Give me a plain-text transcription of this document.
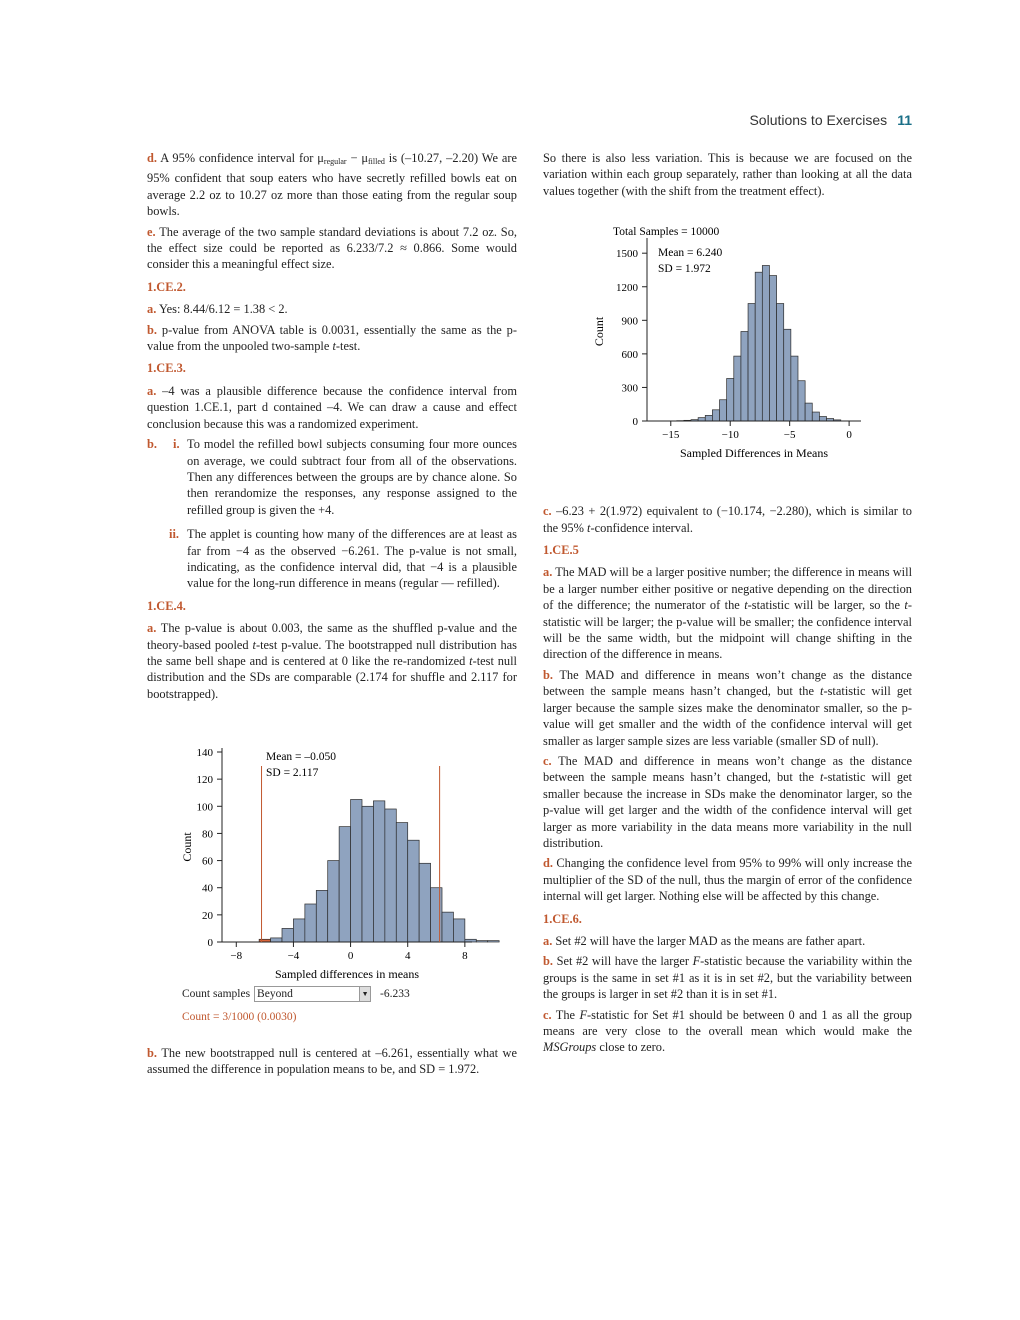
Solutions to Exercises 11

d. A 95% confidence interval for $\mu_{regular} - \mu_{filled}$ is (–10.27, –2.20) We are 95% confident that soup eaters who have secretly refilled bowls eat on average 2.2 oz to 10.27 oz more than those eating from the regular soup bowls.

e. The average of the two sample standard deviations is about 7.2 oz. So, the effect size could be reported as 6.233/7.2 ≈ 0.866. Some would consider this a meaningful effect size.

1.CE.2.

a. Yes: 8.44/6.12 = 1.38 < 2.

b. p-value from ANOVA table is 0.0031, essentially the same as the p-value from the unpooled two-sample t-test.

1.CE.3.

a. –4 was a plausible difference because the confidence interval from question 1.CE.1, part d contained –4. We can draw a cause and effect conclusion because this was a randomized experiment.

b.	i. To model the refilled bowl subjects consuming four more ounces on average, we could subtract four from all of the observations. Then any differences between the groups are by chance alone. So then rerandomize the responses, any response assigned to the refilled group is given the +4.
ii. The applet is counting how many of the differences are at least as far from −4 as the observed −6.261. The p-value is not small, indicating, as the confidence interval did, that −4 is a plausible value for the long-run difference in means (regular — refilled).
1.CE.4.

a. The p-value is about 0.003, the same as the shuffled p-value and the theory-based pooled t-test p-value. The bootstrapped null distribution has the same bell shape and is centered at 0 like the re-randomized t-test null distribution and the SDs are comparable (2.174 for shuffle and 2.117 for bootstrapped).

−8	−4	0	4	8
0
20
40
60
80
100
120
140
Sampled differences in means
Count
Mean = –0.050
SD = 2.117
Count samples Beyond	▼ -6.233
Count = 3/1000 (0.0030)

b. The new bootstrapped null is centered at –6.261, essentially what we assumed the difference in population means to be, and SD = 1.972.

So there is also less variation. This is because we are focused on the variation within each group separately, rather than looking at all the data values together (with the shift from the treatment effect).

−15	−10	−5	0
0
300
600
900
1200
1500
Sampled Differences in Means
Count
Total Samples = 10000
Mean = 6.240
SD = 1.972

c. –6.23 + 2(1.972) equivalent to (−10.174, −2.280), which is similar to the 95% t-confidence interval.

1.CE.5

a. The MAD will be a larger positive number; the difference in means will be a larger number either positive or negative depending on the direction of the difference; the numerator of the t-statistic will be larger, so the t-statistic will be larger; the p-value will be smaller; the confidence interval will be the same width, but the midpoint will change shifting in the direction of the difference in means.

b. The MAD and difference in means won’t change as the distance between the sample means hasn’t changed, but the t-statistic will get larger because the sample sizes make the denominator smaller, so the p-value will get smaller and the width of the confidence interval will get smaller as larger sample sizes are less variable (smaller SD of null).

c. The MAD and difference in means won’t change as the distance between the sample means hasn’t changed, but the t-statistic will get smaller because the increase in SDs make the denominator larger, so the p-value will get larger and the width of the confidence interval will get larger as more variability in the data means more variability in the null distribution.

d. Changing the confidence level from 95% to 99% will only increase the multiplier of the SD of the null, thus the margin of error of the confidence internal will get larger. Nothing else will be affected by this change.

1.CE.6.

a. Set #2 will have the larger MAD as the means are father apart.

b. Set #2 will have the larger F-statistic because the variability within the groups is the same in set #1 as it is in set #2, but the variability between the groups is larger in set #2 than it is in set #1.

c. The F-statistic for Set #1 should be between 0 and 1 as all the group means are very close to the overall mean which would make the MSGroups close to zero.
